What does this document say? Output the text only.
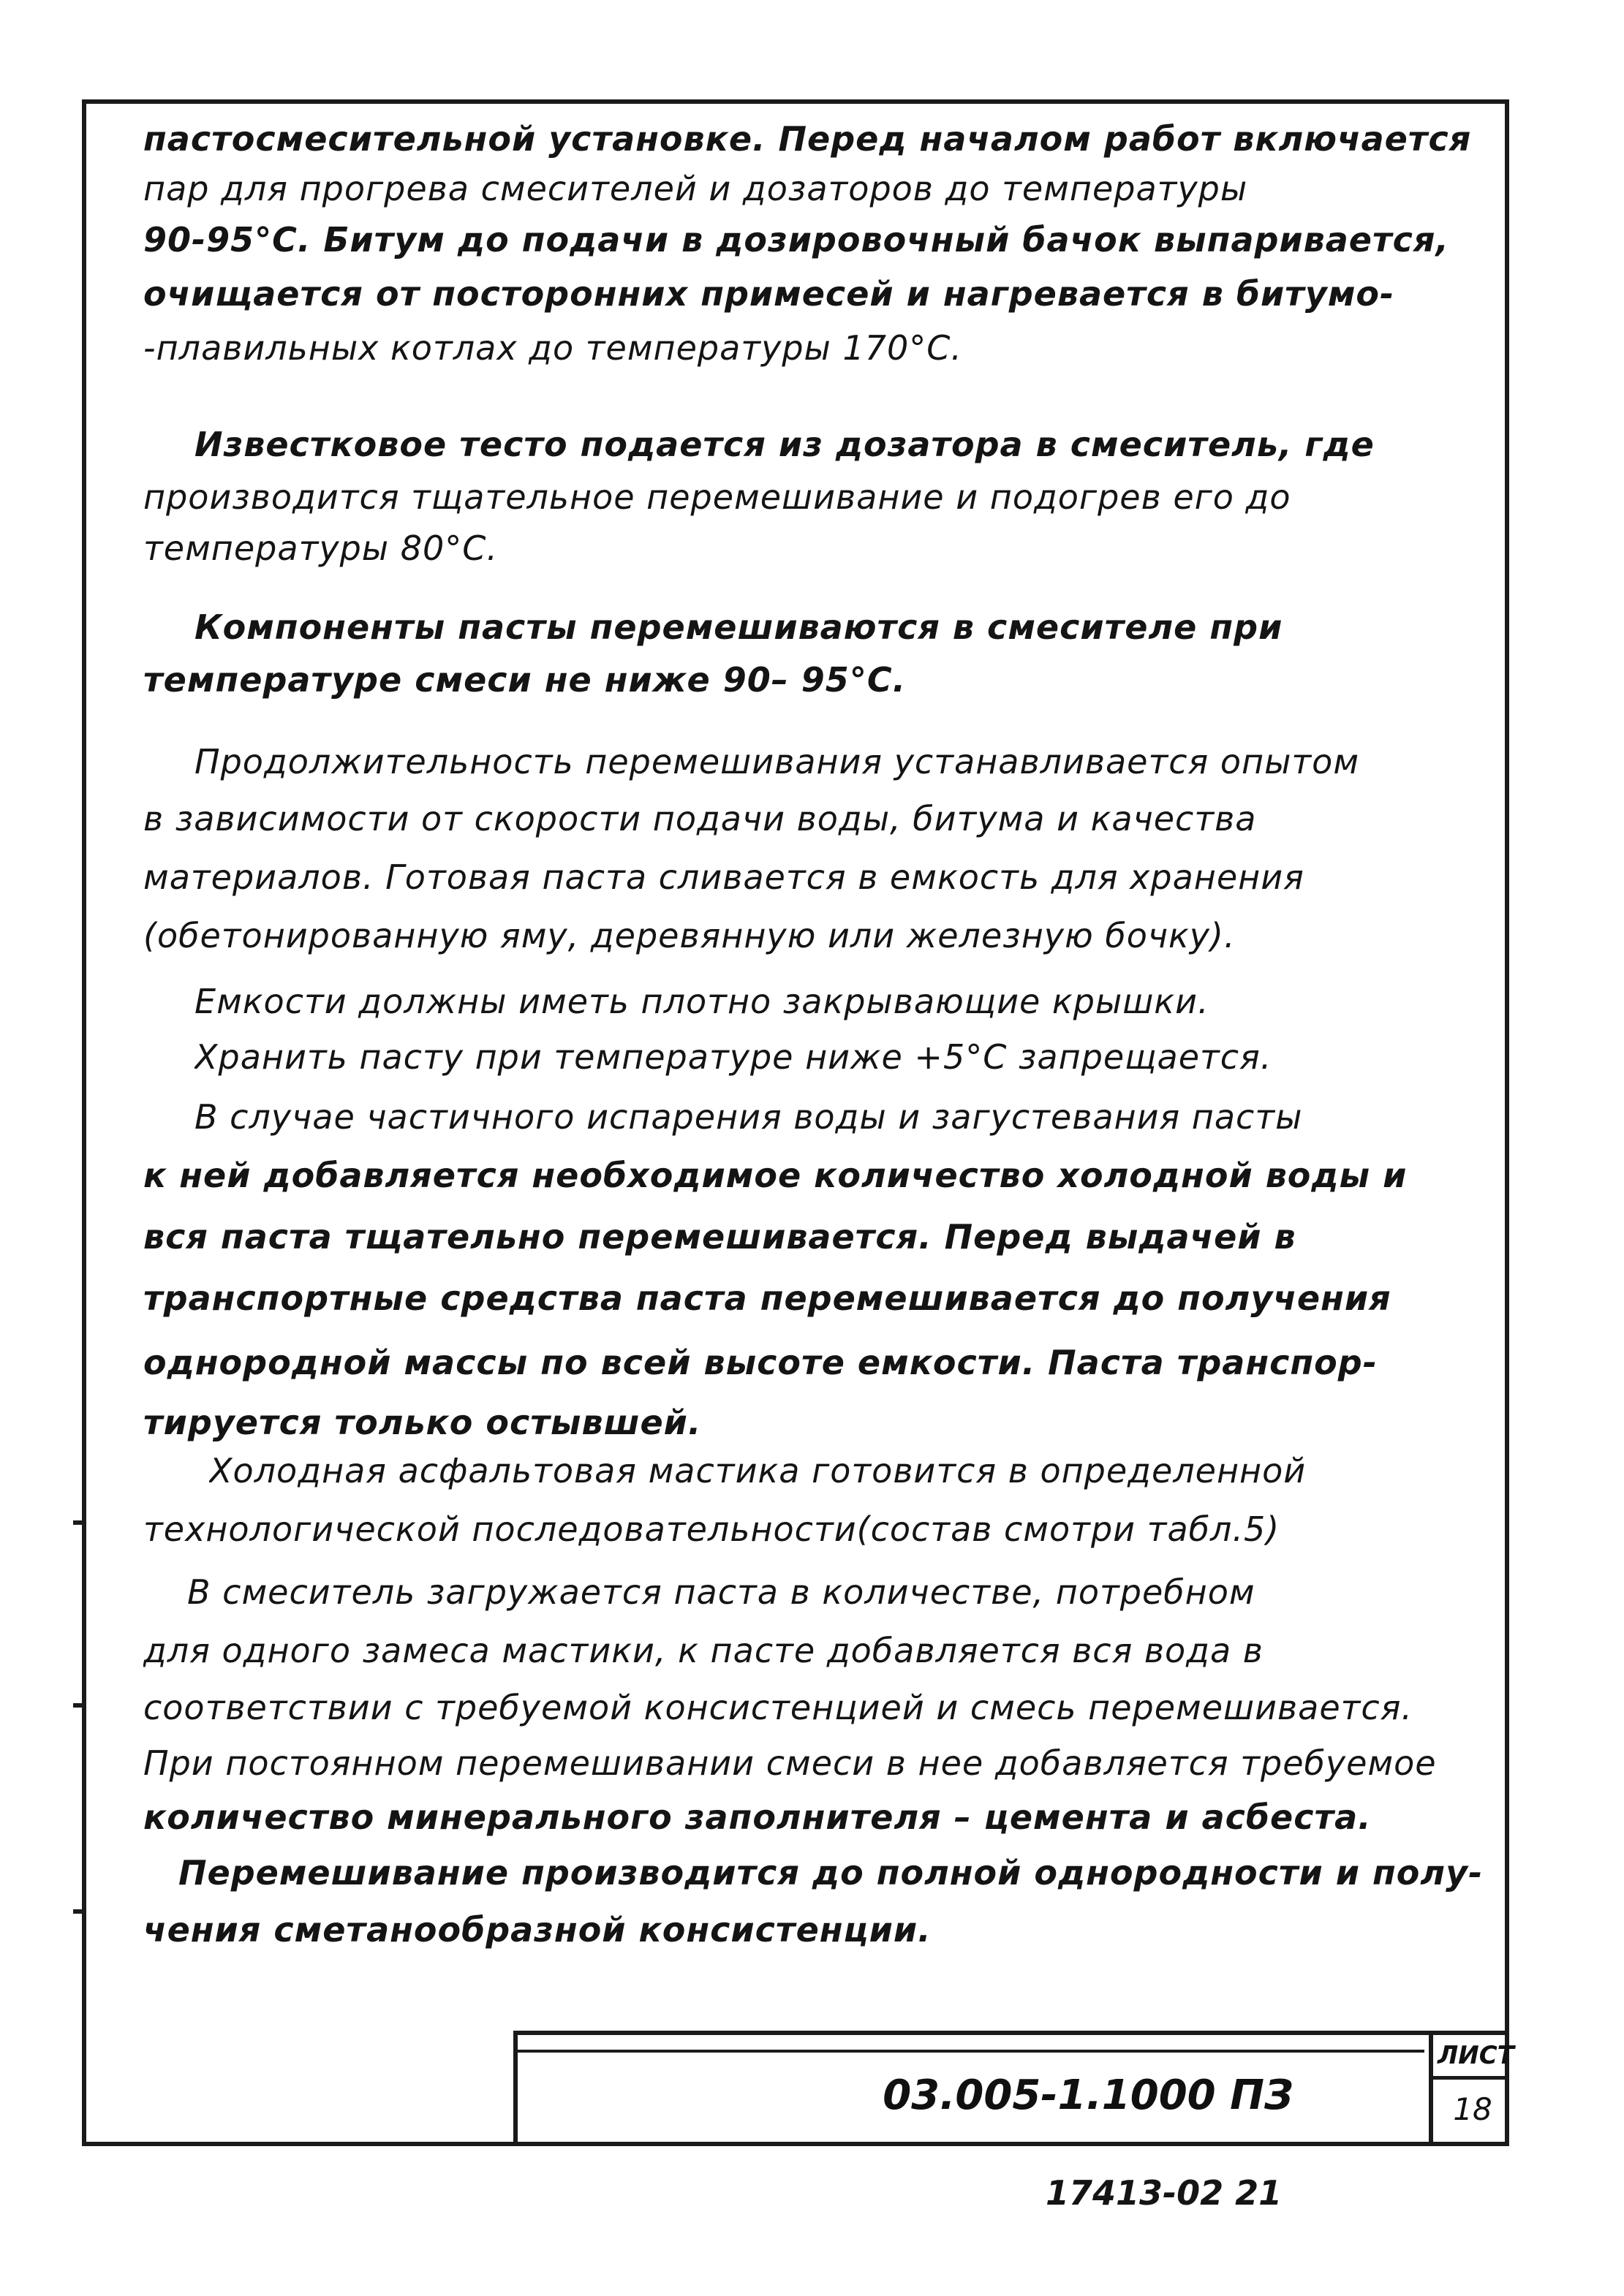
пастосмесительной установке. Перед началом работ включается
пар для прогрева смесителей и дозаторов до температуры
90-95°С. Битум до подачи в дозировочный бачок выпаривается,
очищается от посторонних примесей и нагревается в битумо-
-плавильных котлах до температуры 170°С.
Известковое тесто подается из дозатора в смеситель, где
производится тщательное перемешивание и подогрев его до
температуры 80°С.
Компоненты пасты перемешиваются в смесителе при
температуре смеси не ниже 90– 95°С.
Продолжительность перемешивания устанавливается опытом
в зависимости от скорости подачи воды, битума и качества
материалов. Готовая паста сливается в емкость для хранения
(обетонированную яму, деревянную или железную бочку).
Емкости должны иметь плотно закрывающие крышки.
Хранить пасту при температуре ниже +5°С запрещается.
В случае частичного испарения воды и загустевания пасты
к ней добавляется необходимое количество холодной воды и
вся паста тщательно перемешивается. Перед выдачей в
транспортные средства паста перемешивается до получения
однородной массы по всей высоте емкости. Паста транспор-
тируется только остывшей.
Холодная асфальтовая мастика готовится в определенной
технологической последовательности(состав смотри табл.5)
В смеситель загружается паста в количестве, потребном
для одного замеса мастики, к пасте добавляется вся вода в
соответствии с требуемой консистенцией и смесь перемешивается.
При постоянном перемешивании смеси в нее добавляется требуемое
количество минерального заполнителя – цемента и асбеста.
Перемешивание производится до полной однородности и полу-
чения сметанообразной консистенции.
03.005-1.1000 ПЗ
ЛИСТ
18
17413-02 21
